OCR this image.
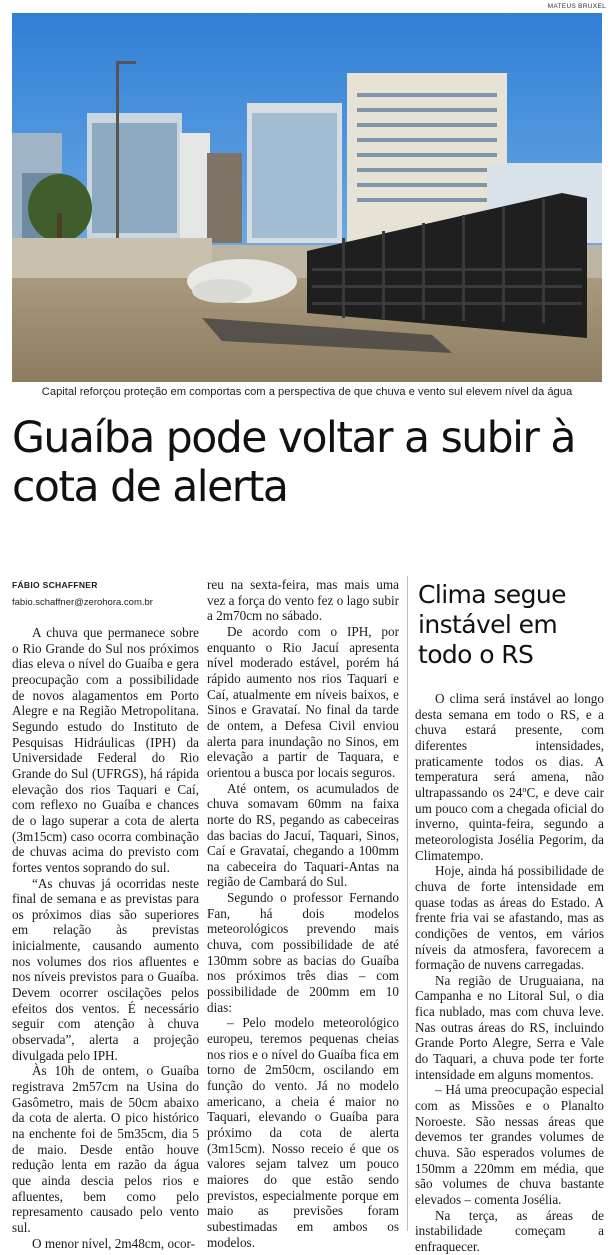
MATEUS BRUXEL
Capital reforçou proteção em comportas com a perspectiva de que chuva e vento sul elevem nível da água
Guaíba pode voltar a subir à cota de alerta
FÁBIO SCHAFFNER
fabio.schaffner@zerohora.com.br

A chuva que permanece sobre o Rio Grande do Sul nos próximos dias eleva o nível do Guaíba e gera preocupação com a possibilidade de novos alagamentos em Porto Alegre e na Região Metropolitana. Segundo estudo do Instituto de Pesquisas Hidráulicas (IPH) da Universidade Federal do Rio Grande do Sul (UFRGS), há rápida elevação dos rios Taquari e Caí, com reflexo no Guaíba e chances de o lago superar a cota de alerta (3m15cm) caso ocorra combinação de chuvas acima do previsto com fortes ventos soprando do sul.

“As chuvas já ocorridas neste final de semana e as previstas para os próximos dias são superiores em relação às previstas inicialmente, causando aumento nos volumes dos rios afluentes e nos níveis previstos para o Guaíba. Devem ocorrer oscilações pelos efeitos dos ventos. É necessário seguir com atenção à chuva observada”, alerta a projeção divulgada pelo IPH.

Às 10h de ontem, o Guaíba registrava 2m57cm na Usina do Gasômetro, mais de 50cm abaixo da cota de alerta. O pico histórico na enchente foi de 5m35cm, dia 5 de maio. Desde então houve redução lenta em razão da água que ainda descia pelos rios e afluentes, bem como pelo represamento causado pelo vento sul.

O menor nível, 2m48cm, ocor-

reu na sexta-feira, mas mais uma vez a força do vento fez o lago subir a 2m70cm no sábado.

De acordo com o IPH, por enquanto o Rio Jacuí apresenta nível moderado estável, porém há rápido aumento nos rios Taquari e Caí, atualmente em níveis baixos, e Sinos e Gravataí. No final da tarde de ontem, a Defesa Civil enviou alerta para inundação no Sinos, em elevação a partir de Taquara, e orientou a busca por locais seguros.

Até ontem, os acumulados de chuva somavam 60mm na faixa norte do RS, pegando as cabeceiras das bacias do Jacuí, Taquari, Sinos, Caí e Gravataí, chegando a 100mm na cabeceira do Taquari-Antas na região de Cambará do Sul.

Segundo o professor Fernando Fan, há dois modelos meteorológicos prevendo mais chuva, com possibilidade de até 130mm sobre as bacias do Guaíba nos próximos três dias – com possibilidade de 200mm em 10 dias:

– Pelo modelo meteorológico europeu, teremos pequenas cheias nos rios e o nível do Guaíba fica em torno de 2m50cm, oscilando em função do vento. Já no modelo americano, a cheia é maior no Taquari, elevando o Guaíba para próximo da cota de alerta (3m15cm). Nosso receio é que os valores sejam talvez um pouco maiores do que estão sendo previstos, especialmente porque em maio as previsões foram subestimadas em ambos os modelos.

Clima segue instável em todo o RS

O clima será instável ao longo desta semana em todo o RS, e a chuva estará presente, com diferentes intensidades, praticamente todos os dias. A temperatura será amena, não ultrapassando os 24ºC, e deve cair um pouco com a chegada oficial do inverno, quinta-feira, segundo a meteorologista Josélia Pegorim, da Climatempo.

Hoje, ainda há possibilidade de chuva de forte intensidade em quase todas as áreas do Estado. A frente fria vai se afastando, mas as condições de ventos, em vários níveis da atmosfera, favorecem a formação de nuvens carregadas.

Na região de Uruguaiana, na Campanha e no Litoral Sul, o dia fica nublado, mas com chuva leve. Nas outras áreas do RS, incluindo Grande Porto Alegre, Serra e Vale do Taquari, a chuva pode ter forte intensidade em alguns momentos.

– Há uma preocupação especial com as Missões e o Planalto Noroeste. São nessas áreas que devemos ter grandes volumes de chuva. São esperados volumes de 150mm a 220mm em média, que são volumes de chuva bastante elevados – comenta Josélia.

Na terça, as áreas de instabilidade começam a enfraquecer.
